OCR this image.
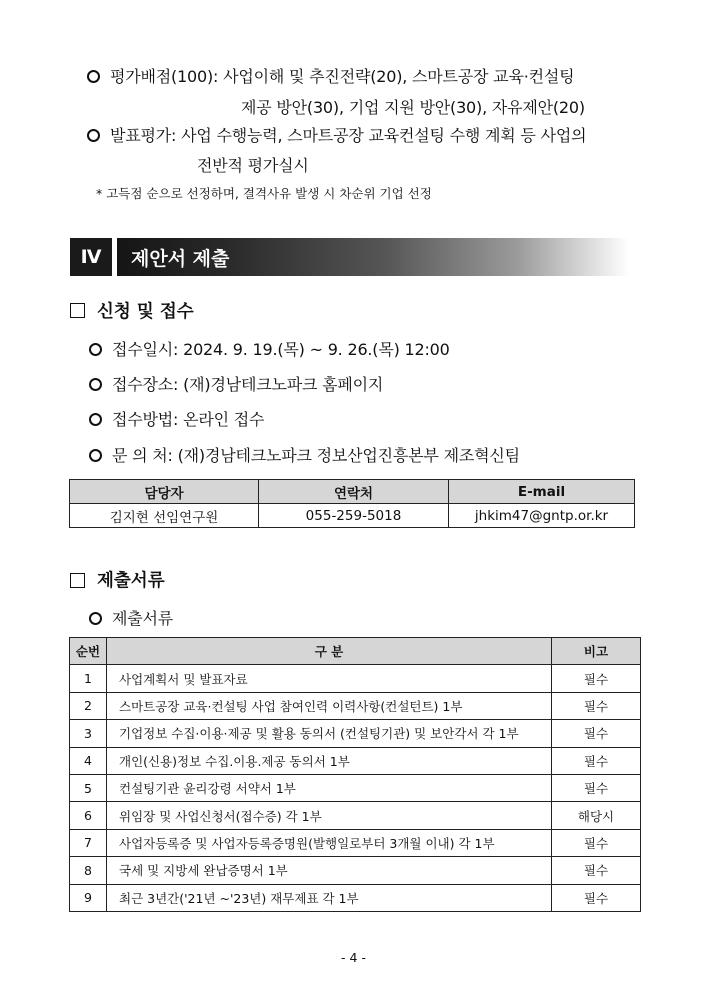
평가배점(100): 사업이해 및 추진전략(20), 스마트공장 교육·컨설팅
제공 방안(30), 기업 지원 방안(30), 자유제안(20)
발표평가: 사업 수행능력, 스마트공장 교육컨설팅 수행 계획 등 사업의
전반적 평가실시
* 고득점 순으로 선정하며, 결격사유 발생 시 차순위 기업 선정
Ⅳ	제안서 제출
신청 및 접수
접수일시: 2024. 9. 19.(목) ~ 9. 26.(목) 12:00
접수장소: (재)경남테크노파크 홈페이지
접수방법: 온라인 접수
문 의 처: (재)경남테크노파크 정보산업진흥본부 제조혁신팀
담당자	연락처	E-mail
김지현 선임연구원	055-259-5018	jhkim47@gntp.or.kr
제출서류
제출서류
순번	구 분	비고
1	사업계획서 및 발표자료	필수
2	스마트공장 교육·컨설팅 사업 참여인력 이력사항(컨설턴트) 1부	필수
3	기업정보 수집·이용·제공 및 활용 동의서 (컨설팅기관) 및 보안각서 각 1부	필수
4	개인(신용)정보 수집.이용.제공 동의서 1부	필수
5	컨설팅기관 윤리강령 서약서 1부	필수
6	위임장 및 사업신청서(접수증) 각 1부	해당시
7	사업자등록증 및 사업자등록증명원(발행일로부터 3개월 이내) 각 1부	필수
8	국세 및 지방세 완납증명서 1부	필수
9	최근 3년간('21년 ~'23년) 재무제표 각 1부	필수
- 4 -
